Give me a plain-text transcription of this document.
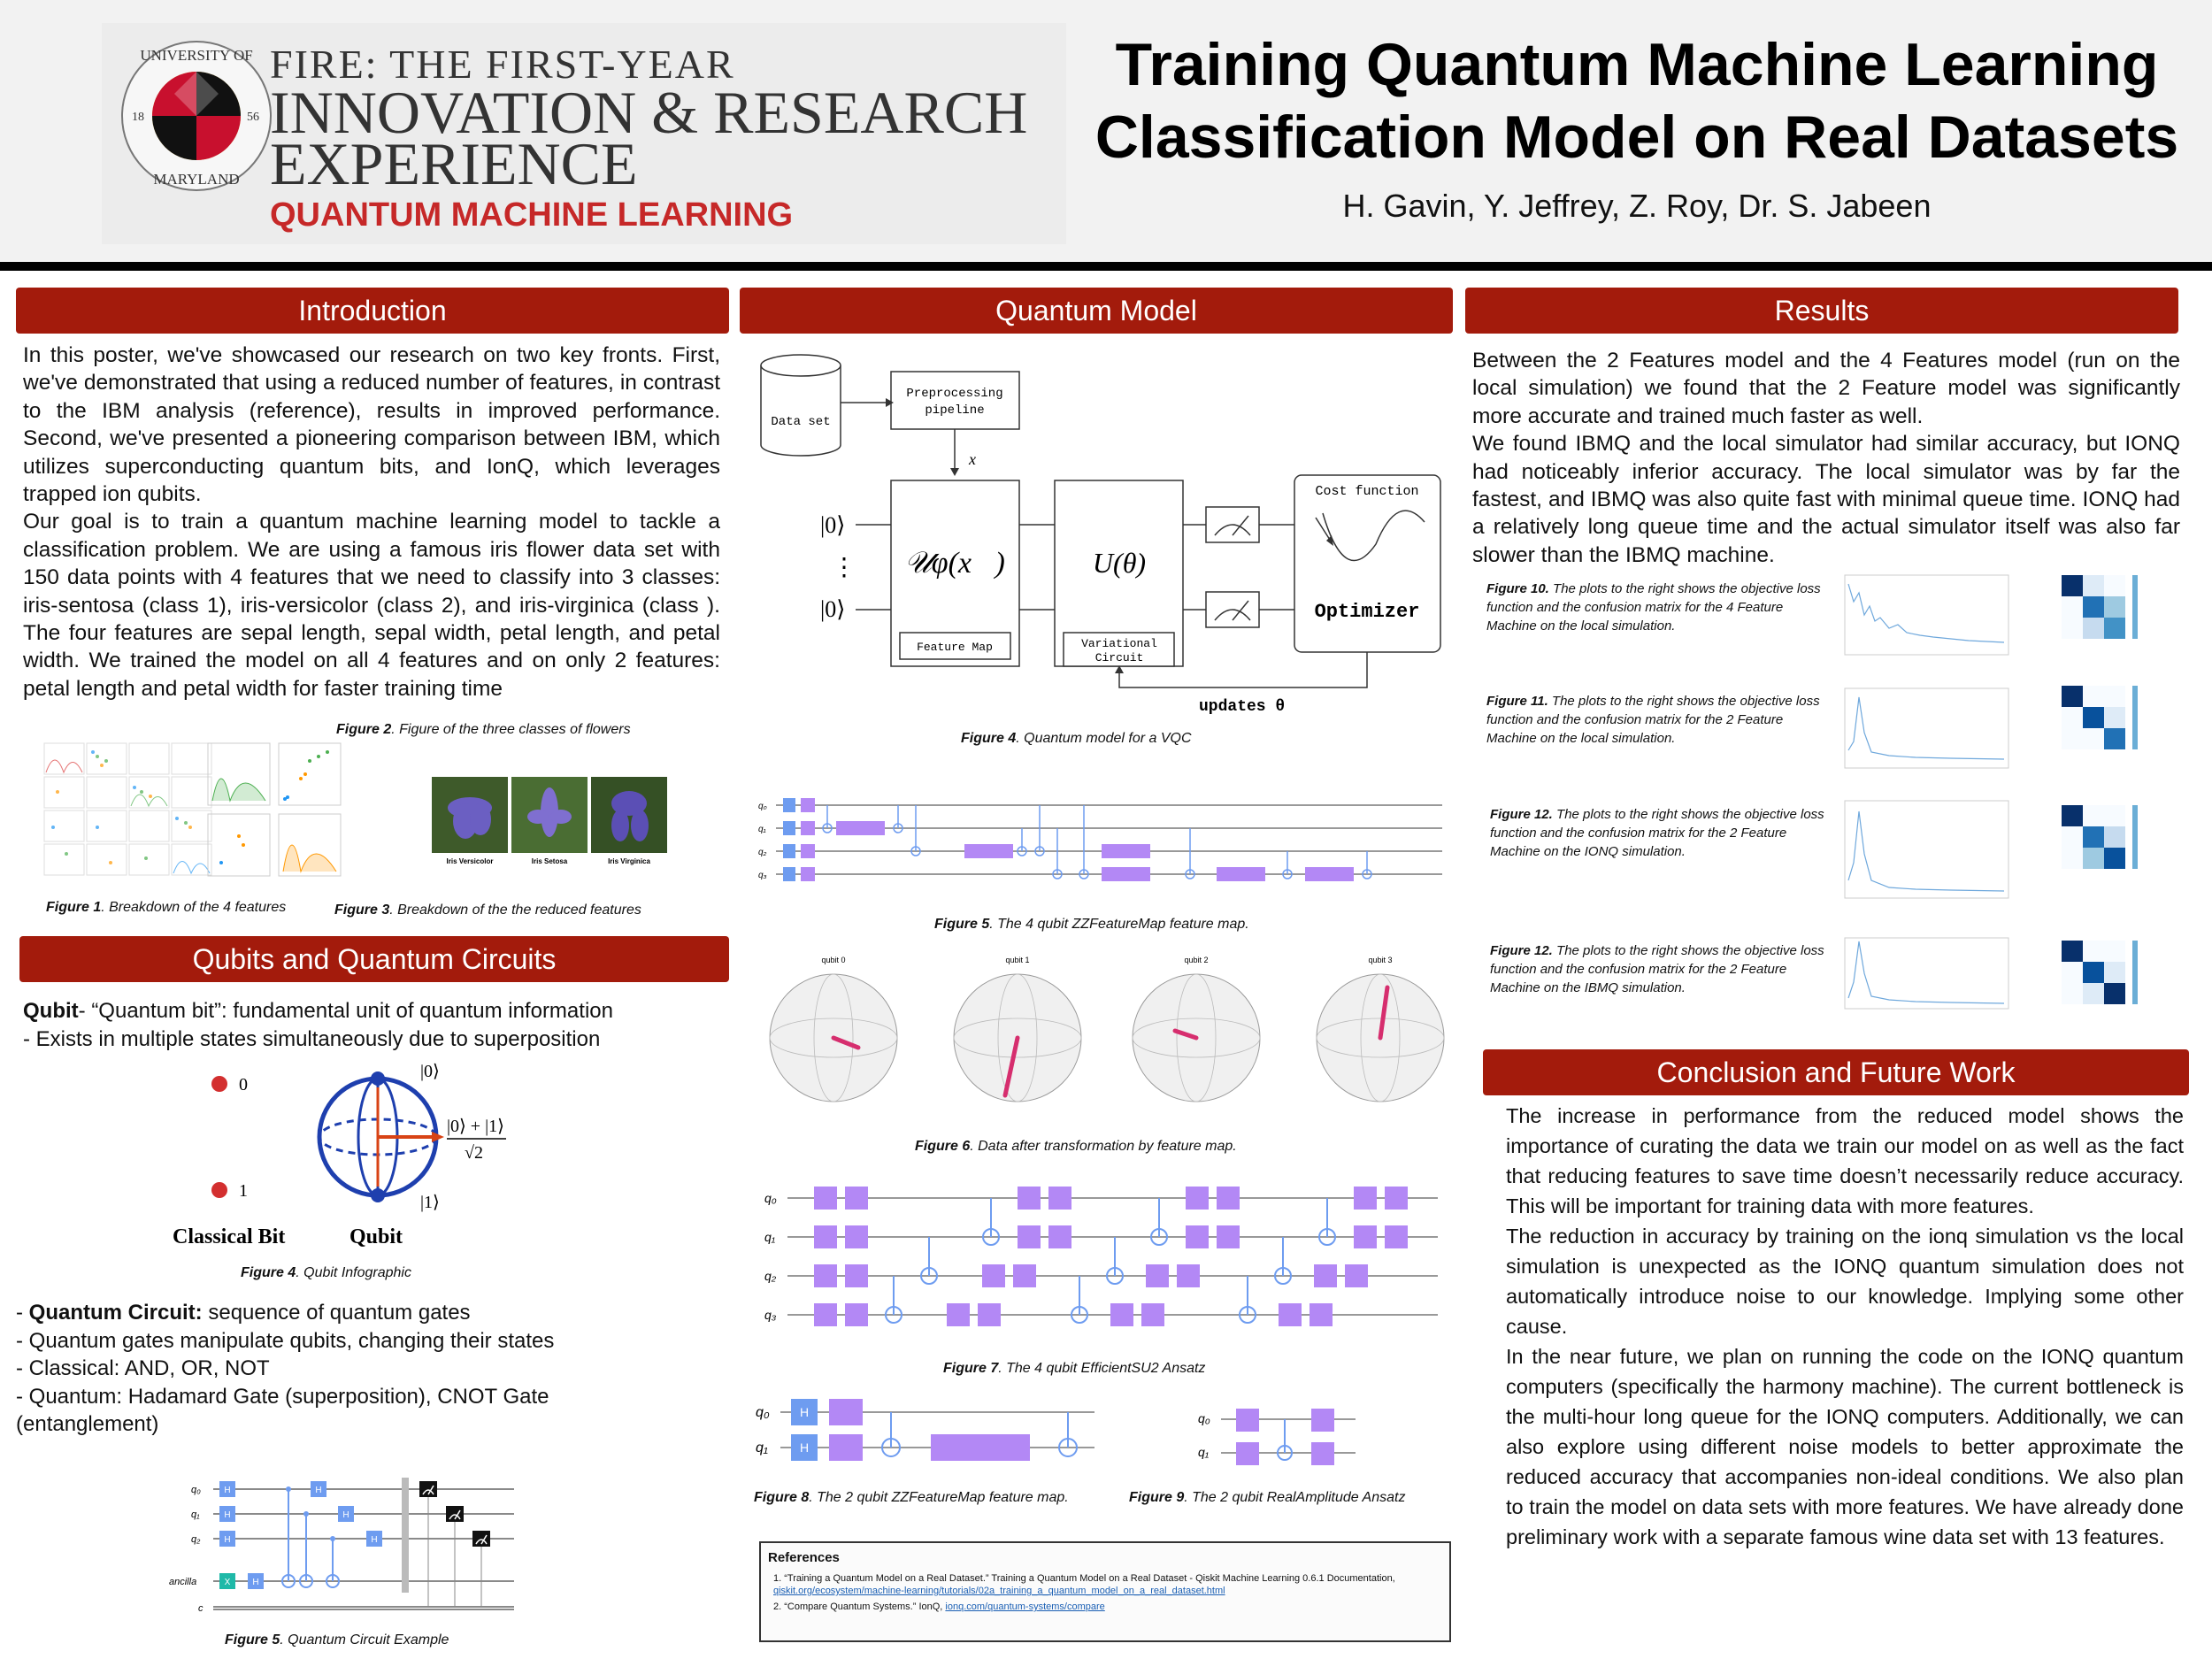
UNIVERSITY OF
MARYLAND
18	56
FIRE: THE FIRST-YEAR
INNOVATION & RESEARCH
EXPERIENCE
QUANTUM MACHINE LEARNING
Training Quantum Machine Learning
Classification Model on Real Datasets
H. Gavin, Y. Jeffrey, Z. Roy, Dr. S. Jabeen
Introduction

In this poster, we've showcased our research on two key fronts. First, we've demonstrated that using a reduced number of features, in contrast to the IBM analysis (reference), results in improved performance. Second, we've presented a pioneering comparison between IBM, which utilizes superconducting quantum bits, and IonQ, which leverages trapped ion qubits.

Our goal is to train a quantum machine learning model to tackle a classification problem. We are using a famous iris flower data set with 150 data points with 4 features that we need to classify into 3 classes: iris-sentosa (class 1), iris-versicolor (class 2), and iris-virginica (class ). The four features are sepal length, sepal width, petal length, and petal width. We trained the model on all 4 features and on only 2 features: petal length and petal width for faster training time

Figure 2. Figure of the three classes of flowers
Iris Versicolor	Iris Setosa	Iris Virginica
Figure 1. Breakdown of the 4 features	Figure 3. Breakdown of the the reduced features
Qubits and Quantum Circuits
Qubit- “Quantum bit”: fundamental unit of quantum information
- Exists in multiple states simultaneously due to superposition
0
1
|0⟩
|1⟩
|0⟩ + |1⟩
√2
Classical Bit	Qubit
Figure 4. Qubit Infographic
- Quantum Circuit: sequence of quantum gates
- Quantum gates manipulate qubits, changing their states
- Classical: AND, OR, NOT
- Quantum: Hadamard Gate (superposition), CNOT Gate
(entanglement)
q₀
q₁
q₂
ancilla
c
H
H
H
X	H
H
H
H
Figure 5. Quantum Circuit Example
Quantum Model
Data set
Preprocessing
pipeline
x⃗
|0⟩
⋮
|0⟩
𝒰φ(x⃗)
Feature Map
U(θ)
Variational
Circuit
Cost function
Optimizer
updates θ
Figure 4. Quantum model for a VQC
q₀
q₁
q₂
q₃
Figure 5. The 4 qubit ZZFeatureMap feature map.
qubit 0	qubit 1	qubit 2	qubit 3
Figure 6. Data after transformation by feature map.
q₀
q₁
q₂
q₃
Figure 7. The 4 qubit EfficientSU2 Ansatz
q₀
q₁
H
H
q₀
q₁
Figure 8. The 2 qubit ZZFeatureMap feature map.	Figure 9. The 2 qubit RealAmplitude Ansatz
References
1. “Training a Quantum Model on a Real Dataset.” Training a Quantum Model on a Real Dataset - Qiskit Machine Learning 0.6.1 Documentation,
qiskit.org/ecosystem/machine-learning/tutorials/02a_training_a_quantum_model_on_a_real_dataset.html
2. “Compare Quantum Systems.” IonQ, ionq.com/quantum-systems/compare
Results

Between the 2 Features model and the 4 Features model (run on the local simulation) we found that the 2 Feature model was significantly more accurate and trained much faster as well.

We found IBMQ and the local simulator had similar accuracy, but IONQ had noticeably inferior accuracy. The local simulator was by far the fastest, and IBMQ was also quite fast with minimal queue time. IONQ had a relatively long queue time and the actual simulator itself was also far slower than the IBMQ machine.

Figure 10. The plots to the right shows the objective loss function and the confusion matrix for the 4 Feature Machine on the local simulation.
Figure 11. The plots to the right shows the objective loss function and the confusion matrix for the 2 Feature Machine on the local simulation.
Figure 12. The plots to the right shows the objective loss function and the confusion matrix for the 2 Feature Machine on the IONQ simulation.
Figure 12. The plots to the right shows the objective loss function and the confusion matrix for the 2 Feature Machine on the IBMQ simulation.
Conclusion and Future Work

The increase in performance from the reduced model shows the importance of curating the data we train our model on as well as the fact that reducing features to save time doesn’t necessarily reduce accuracy. This will be important for training data with more features.

The reduction in accuracy by training on the ionq simulation vs the local simulation is unexpected as the IONQ quantum simulation does not automatically introduce noise to our knowledge. Implying some other cause.

In the near future, we plan on running the code on the IONQ quantum computers (specifically the harmony machine). The current bottleneck is the multi-hour long queue for the IONQ computers. Additionally, we can also explore using different noise models to better approximate the reduced accuracy that accompanies non-ideal conditions. We also plan to train the model on data sets with more features. We have already done preliminary work with a separate famous wine data set with 13 features.
